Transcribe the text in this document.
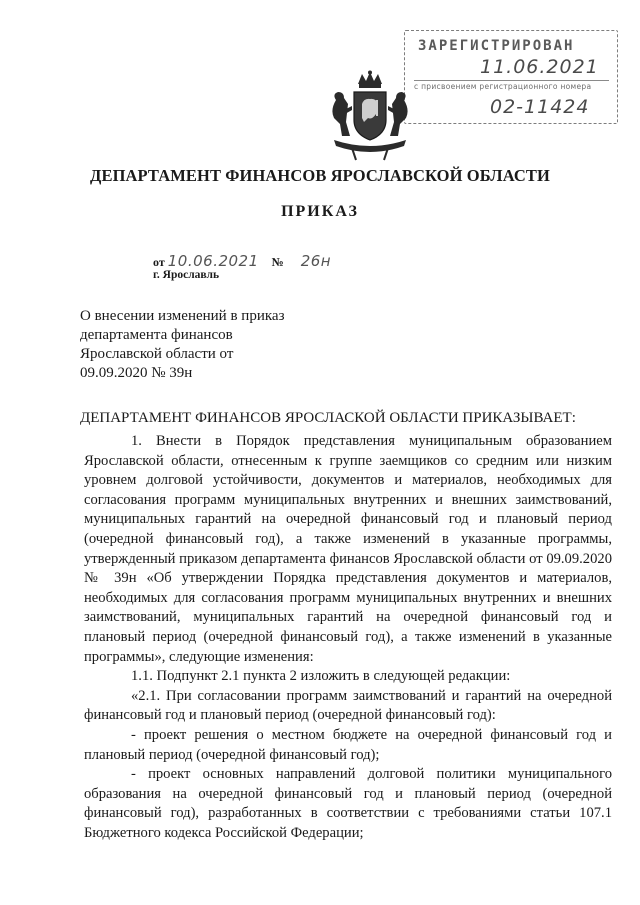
ЗАРЕГИСТРИРОВАН
11.06.2021
с присвоением регистрационного номера
02-11424
ДЕПАРТАМЕНТ ФИНАНСОВ ЯРОСЛАВСКОЙ ОБЛАСТИ
ПРИКАЗ
от 10.06.2021 № 26н
г. Ярославль
О внесении изменений в приказ
департамента финансов
Ярославской области от
09.09.2020 № 39н
ДЕПАРТАМЕНТ ФИНАНСОВ ЯРОСЛАСКОЙ ОБЛАСТИ ПРИКАЗЫВАЕТ:

1. Внести в Порядок представления муниципальным образованием Ярославской области, отнесенным к группе заемщиков со средним или низким уровнем долговой устойчивости, документов и материалов, необходимых для согласования программ муниципальных внутренних и внешних заимствований, муниципальных гарантий на очередной финансовый год и плановый период (очередной финансовый год), а также изменений в указанные программы, утвержденный приказом департамента финансов Ярославской области от 09.09.2020 № 39н «Об утверждении Порядка представления документов и материалов, необходимых для согласования программ муниципальных внутренних и внешних заимствований, муниципальных гарантий на очередной финансовый год и плановый период (очередной финансовый год), а также изменений в указанные программы», следующие изменения:

1.1. Подпункт 2.1 пункта 2 изложить в следующей редакции:

«2.1. При согласовании программ заимствований и гарантий на очередной финансовый год и плановый период (очередной финансовый год):

- проект решения о местном бюджете на очередной финансовый год и плановый период (очередной финансовый год);

- проект основных направлений долговой политики муниципального образования на очередной финансовый год и плановый период (очередной финансовый год), разработанных в соответствии с требованиями статьи 107.1 Бюджетного кодекса Российской Федерации;
